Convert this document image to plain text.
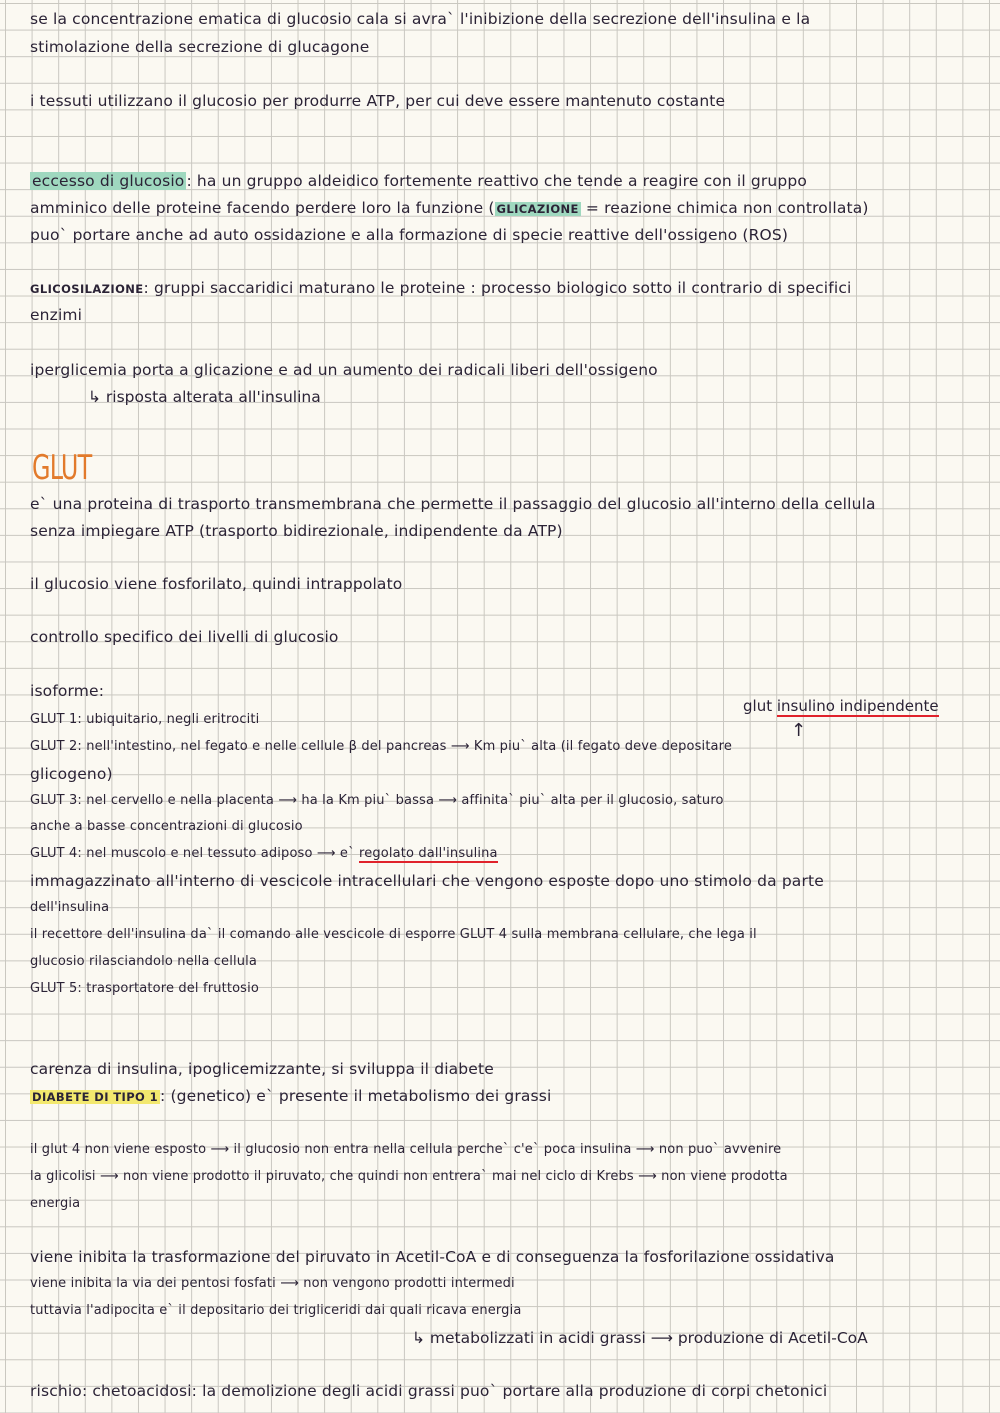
se la concentrazione ematica di glucosio cala si avra` l'inibizione della secrezione dell'insulina e la
stimolazione della secrezione di glucagone
i tessuti utilizzano il glucosio per produrre ATP, per cui deve essere mantenuto costante
eccesso di glucosio : ha un gruppo aldeidico fortemente reattivo che tende a reagire con il gruppo
amminico delle proteine facendo perdere loro la funzione ( GLICAZIONE = reazione chimica non controllata)
puo` portare anche ad auto ossidazione e alla formazione di specie reattive dell'ossigeno (ROS)
GLICOSILAZIONE: gruppi saccaridici maturano le proteine : processo biologico sotto il contrario di specifici
enzimi
iperglicemia porta a glicazione e ad un aumento dei radicali liberi dell'ossigeno
↳ risposta alterata all'insulina
GLUT
e` una proteina di trasporto transmembrana che permette il passaggio del glucosio all'interno della cellula
senza impiegare ATP (trasporto bidirezionale, indipendente da ATP)
il glucosio viene fosforilato, quindi intrappolato
controllo specifico dei livelli di glucosio
isoforme:
glut insulino indipendente
↑
GLUT 1: ubiquitario, negli eritrociti
GLUT 2: nell'intestino, nel fegato e nelle cellule β del pancreas ⟶ Km piu` alta (il fegato deve depositare
glicogeno)
GLUT 3: nel cervello e nella placenta ⟶ ha la Km piu` bassa ⟶ affinita` piu` alta per il glucosio, saturo
anche a basse concentrazioni di glucosio
GLUT 4: nel muscolo e nel tessuto adiposo ⟶ e` regolato dall'insulina
immagazzinato all'interno di vescicole intracellulari che vengono esposte dopo uno stimolo da parte
dell'insulina
il recettore dell'insulina da` il comando alle vescicole di esporre GLUT 4 sulla membrana cellulare, che lega il
glucosio rilasciandolo nella cellula
GLUT 5: trasportatore del fruttosio
carenza di insulina, ipoglicemizzante, si sviluppa il diabete
DIABETE DI TIPO 1 : (genetico) e` presente il metabolismo dei grassi
il glut 4 non viene esposto ⟶ il glucosio non entra nella cellula perche` c'e` poca insulina ⟶ non puo` avvenire
la glicolisi ⟶ non viene prodotto il piruvato, che quindi non entrera` mai nel ciclo di Krebs ⟶ non viene prodotta
energia
viene inibita la trasformazione del piruvato in Acetil-CoA e di conseguenza la fosforilazione ossidativa
viene inibita la via dei pentosi fosfati ⟶ non vengono prodotti intermedi
tuttavia l'adipocita e` il depositario dei trigliceridi dai quali ricava energia
↳ metabolizzati in acidi grassi ⟶ produzione di Acetil-CoA
rischio: chetoacidosi: la demolizione degli acidi grassi puo` portare alla produzione di corpi chetonici
